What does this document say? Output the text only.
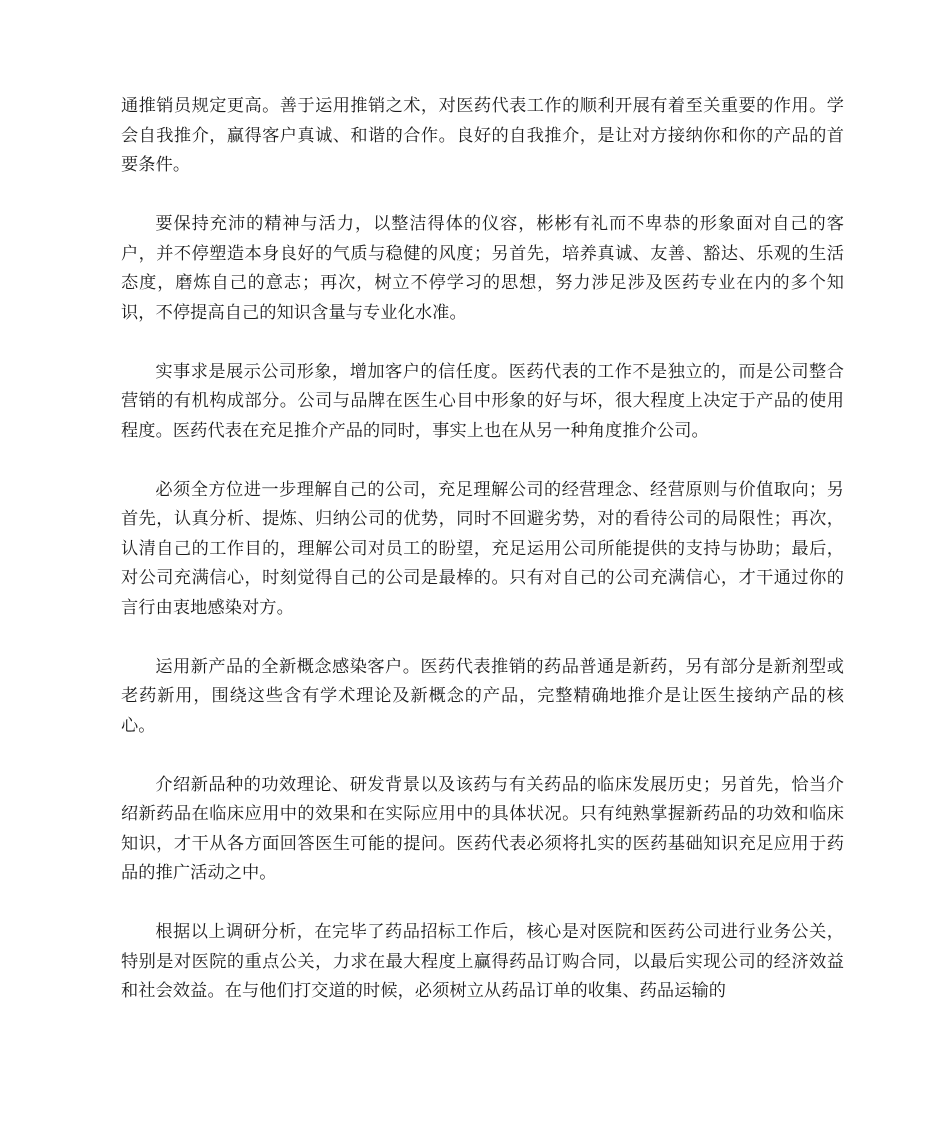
通推销员规定更高。善于运用推销之术，对医药代表工作的顺利开展有着至关重要的作用。学会自我推介，赢得客户真诚、和谐的合作。良好的自我推介，是让对方接纳你和你的产品的首要条件。

要保持充沛的精神与活力，以整洁得体的仪容，彬彬有礼而不卑恭的形象面对自己的客户，并不停塑造本身良好的气质与稳健的风度；另首先，培养真诚、友善、豁达、乐观的生活态度，磨炼自己的意志；再次，树立不停学习的思想，努力涉足涉及医药专业在内的多个知识，不停提高自己的知识含量与专业化水准。

实事求是展示公司形象，增加客户的信任度。医药代表的工作不是独立的，而是公司整合营销的有机构成部分。公司与品牌在医生心目中形象的好与坏，很大程度上决定于产品的使用程度。医药代表在充足推介产品的同时，事实上也在从另一种角度推介公司。

必须全方位进一步理解自己的公司，充足理解公司的经营理念、经营原则与价值取向；另首先，认真分析、提炼、归纳公司的优势，同时不回避劣势，对的看待公司的局限性；再次，认清自己的工作目的，理解公司对员工的盼望，充足运用公司所能提供的支持与协助；最后，对公司充满信心，时刻觉得自己的公司是最棒的。只有对自己的公司充满信心，才干通过你的言行由衷地感染对方。

运用新产品的全新概念感染客户。医药代表推销的药品普通是新药，另有部分是新剂型或老药新用，围绕这些含有学术理论及新概念的产品，完整精确地推介是让医生接纳产品的核心。

介绍新品种的功效理论、研发背景以及该药与有关药品的临床发展历史；另首先，恰当介绍新药品在临床应用中的效果和在实际应用中的具体状况。只有纯熟掌握新药品的功效和临床知识，才干从各方面回答医生可能的提问。医药代表必须将扎实的医药基础知识充足应用于药品的推广活动之中。

根据以上调研分析，在完毕了药品招标工作后，核心是对医院和医药公司进行业务公关，特别是对医院的重点公关，力求在最大程度上赢得药品订购合同，以最后实现公司的经济效益和社会效益。在与他们打交道的时候，必须树立从药品订单的收集、药品运输的
